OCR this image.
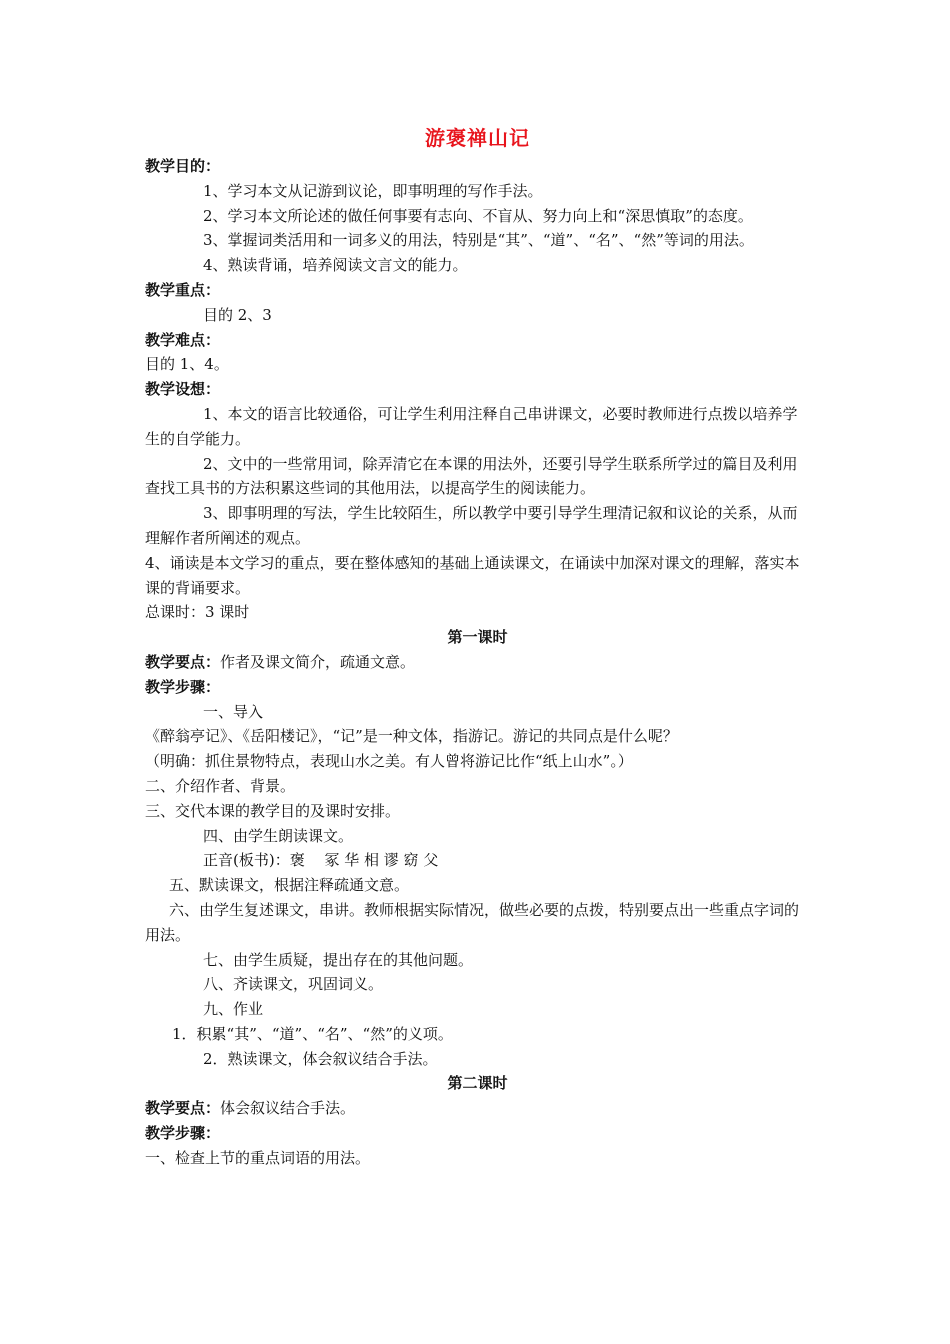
游褒禅山记
教学目的：
1、学习本文从记游到议论，即事明理的写作手法。
2、学习本文所论述的做任何事要有志向、不盲从、努力向上和“深思慎取”的态度。
3、掌握词类活用和一词多义的用法，特别是“其”、“道”、“名”、“然”等词的用法。
4、熟读背诵，培养阅读文言文的能力。
教学重点：
目的 2、3
教学难点：
目的 1、4。
教学设想：
1、本文的语言比较通俗，可让学生利用注释自己串讲课文，必要时教师进行点拨以培养学生的自学能力。
2、文中的一些常用词，除弄清它在本课的用法外，还要引导学生联系所学过的篇目及利用查找工具书的方法积累这些词的其他用法，以提高学生的阅读能力。
3、即事明理的写法，学生比较陌生，所以教学中要引导学生理清记叙和议论的关系，从而理解作者所阐述的观点。
4、诵读是本文学习的重点，要在整体感知的基础上通读课文，在诵读中加深对课文的理解，落实本课的背诵要求。
总课时：3 课时
第一课时
教学要点：作者及课文简介，疏通文意。
教学步骤：
一、导入
《醉翁亭记》、《岳阳楼记》，“记”是一种文体，指游记。游记的共同点是什么呢？
（明确：抓住景物特点，表现山水之美。有人曾将游记比作“纸上山水”。）
二、介绍作者、背景。
三、交代本课的教学目的及课时安排。
四、由学生朗读课文。
正音(板书)：褒　 冢 华 相 谬 窈 父
五、默读课文，根据注释疏通文意。
六、由学生复述课文，串讲。教师根据实际情况，做些必要的点拨，特别要点出一些重点字词的用法。
七、由学生质疑，提出存在的其他问题。
八、齐读课文，巩固词义。
九、作业
1．积累“其”、“道”、“名”、“然”的义项。
2．熟读课文，体会叙议结合手法。
第二课时
教学要点：体会叙议结合手法。
教学步骤：
一、检查上节的重点词语的用法。
